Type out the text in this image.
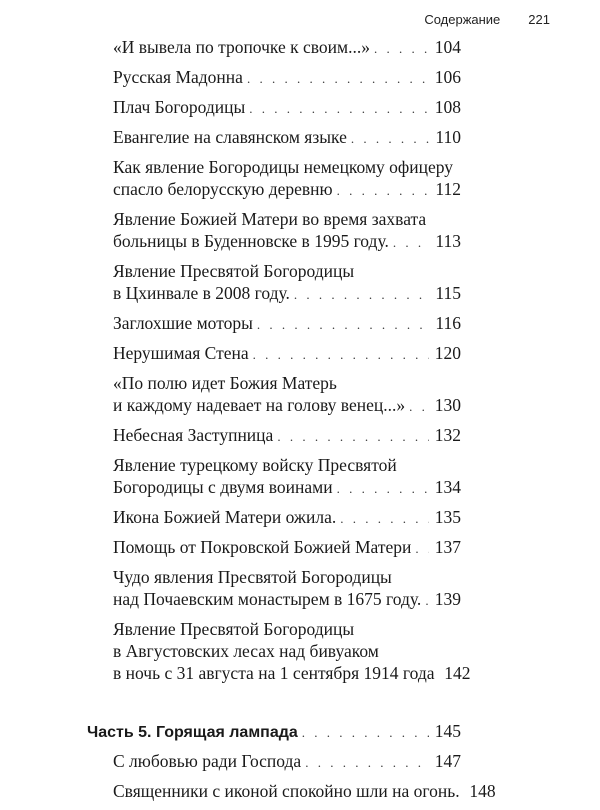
Содержание 221
«И вывела по тропочке к своим...» . . .	104
Русская Мадонна . . .	106
Плач Богородицы . . .	108
Евангелие на славянском языке . . .	110
Как явление Богородицы немецкому офицеру
спасло белорусскую деревню . . .	112
Явление Божией Матери во время захвата
больницы в Буденновске в 1995 году. . . .	113
Явление Пресвятой Богородицы
в Цхинвале в 2008 году. . . .	115
Заглохшие моторы . . .	116
Нерушимая Стена . . .	120
«По полю идет Божия Матерь
и каждому надевает на голову венец...» . . . 130
Небесная Заступница . . .	132
Явление турецкому войску Пресвятой
Богородицы с двумя воинами . . .	134
Икона Божией Матери ожила. . . .	135
Помощь от Покровской Божией Матери . . . 137
Чудо явления Пресвятой Богородицы
над Почаевским монастырем в 1675 году. . . . 139
Явление Пресвятой Богородицы
в Августовских лесах над бивуаком
в ночь с 31 августа на 1 сентября 1914 года 142
Часть 5. Горящая лампада . . .	145
С любовью ради Господа . . .	147
Священники с иконой спокойно шли на огонь. 148
